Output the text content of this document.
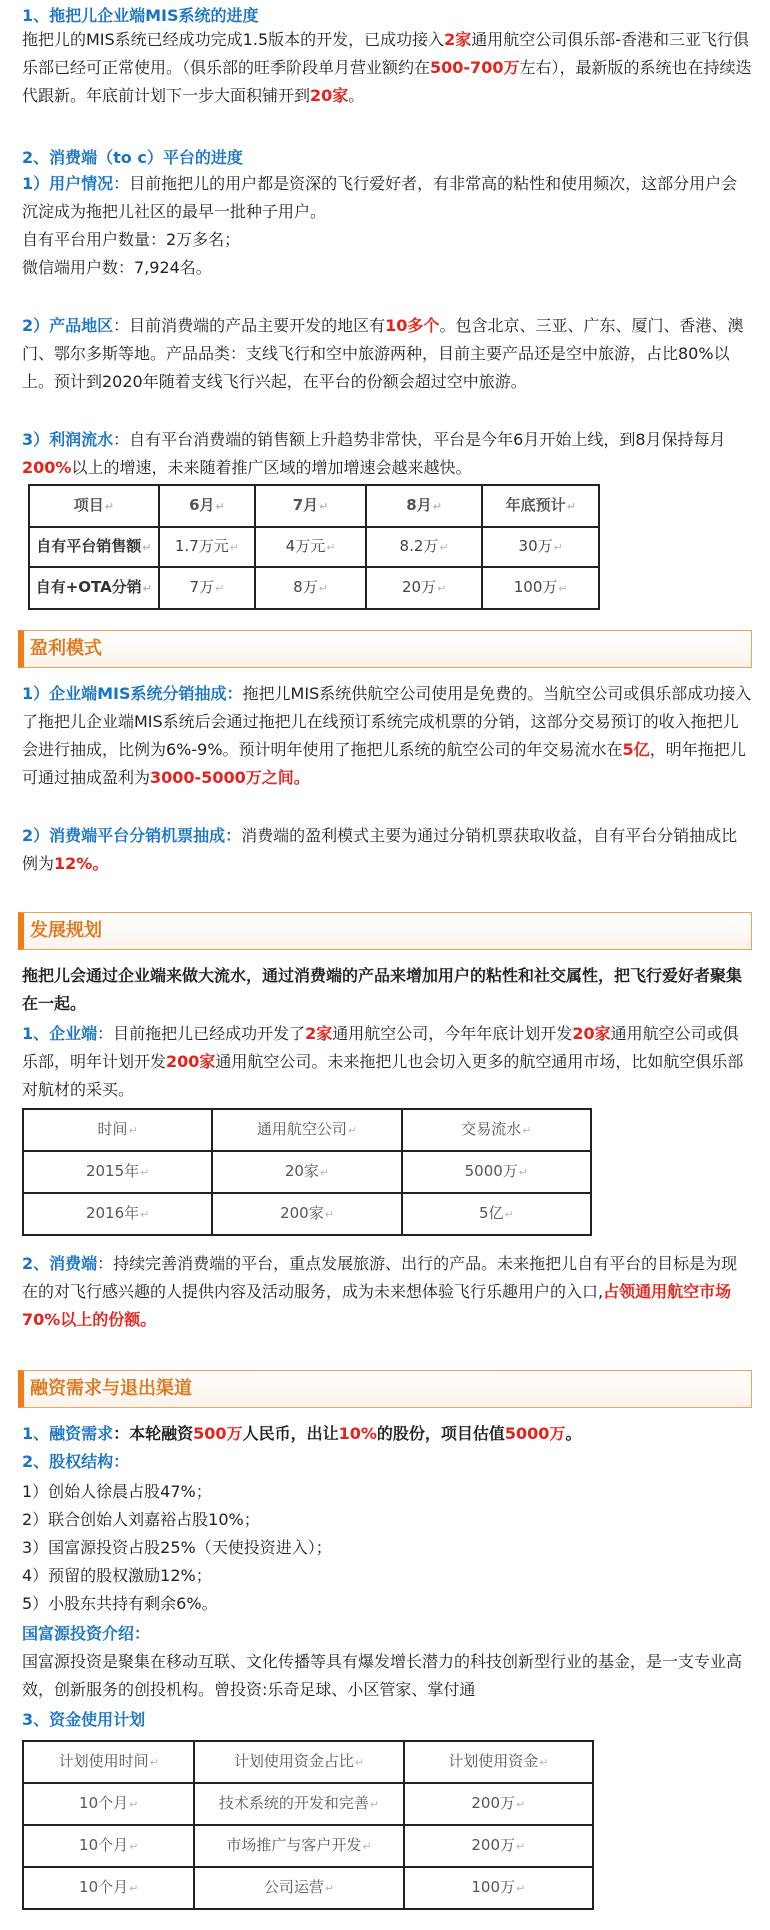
1、拖把儿企业端MIS系统的进度

拖把儿的MIS系统已经成功完成1.5版本的开发，已成功接入2家通用航空公司俱乐部-香港和三亚飞行俱乐部已经可正常使用。（俱乐部的旺季阶段单月营业额约在500-700万左右），最新版的系统也在持续迭代跟新。年底前计划下一步大面积铺开到20家。

2、消费端（to c）平台的进度

1）用户情况：目前拖把儿的用户都是资深的飞行爱好者，有非常高的粘性和使用频次，这部分用户会沉淀成为拖把儿社区的最早一批种子用户。

自有平台用户数量：2万多名；

微信端用户数：7,924名。

2）产品地区：目前消费端的产品主要开发的地区有10多个。包含北京、三亚、广东、厦门、香港、澳门、鄂尔多斯等地。产品品类：支线飞行和空中旅游两种，目前主要产品还是空中旅游，占比80%以上。预计到2020年随着支线飞行兴起，在平台的份额会超过空中旅游。

3）利润流水：自有平台消费端的销售额上升趋势非常快，平台是今年6月开始上线，到8月保持每月200%以上的增速，未来随着推广区域的增加增速会越来越快。

项目↵	6月↵	7月↵	8月↵	年底预计↵
自有平台销售额↵	1.7万元↵	4万元↵	8.2万↵	30万↵
自有+OTA分销↵	7万↵	8万↵	20万↵	100万↵
盈利模式

1）企业端MIS系统分销抽成：拖把儿MIS系统供航空公司使用是免费的。当航空公司或俱乐部成功接入了拖把儿企业端MIS系统后会通过拖把儿在线预订系统完成机票的分销，这部分交易预订的收入拖把儿会进行抽成，比例为6%-9%。预计明年使用了拖把儿系统的航空公司的年交易流水在5亿，明年拖把儿可通过抽成盈利为3000-5000万之间。

2）消费端平台分销机票抽成：消费端的盈利模式主要为通过分销机票获取收益，自有平台分销抽成比例为12%。

发展规划

拖把儿会通过企业端来做大流水，通过消费端的产品来增加用户的粘性和社交属性，把飞行爱好者聚集在一起。

1、企业端：目前拖把儿已经成功开发了2家通用航空公司，今年年底计划开发20家通用航空公司或俱乐部，明年计划开发200家通用航空公司。未来拖把儿也会切入更多的航空通用市场，比如航空俱乐部对航材的采买。

时间↵	通用航空公司↵	交易流水↵
2015年↵	20家↵	5000万↵
2016年↵	200家↵	5亿↵

2、消费端：持续完善消费端的平台，重点发展旅游、出行的产品。未来拖把儿自有平台的目标是为现在的对飞行感兴趣的人提供内容及活动服务，成为未来想体验飞行乐趣用户的入口,占领通用航空市场70%以上的份额。

融资需求与退出渠道

1、融资需求：本轮融资500万人民币，出让10%的股份，项目估值5000万。

2、股权结构：

1）创始人徐晨占股47%；

2）联合创始人刘嘉裕占股10%；

3）国富源投资占股25%（天使投资进入）；

4）预留的股权激励12%；

5）小股东共持有剩余6%。

国富源投资介绍：

国富源投资是聚集在移动互联、文化传播等具有爆发增长潜力的科技创新型行业的基金，是一支专业高效，创新服务的创投机构。曾投资:乐奇足球、小区管家、掌付通

3、资金使用计划

计划使用时间↵	计划使用资金占比↵	计划使用资金↵
10个月↵	技术系统的开发和完善↵	200万↵
10个月↵	市场推广与客户开发↵	200万↵
10个月↵	公司运营↵	100万↵
